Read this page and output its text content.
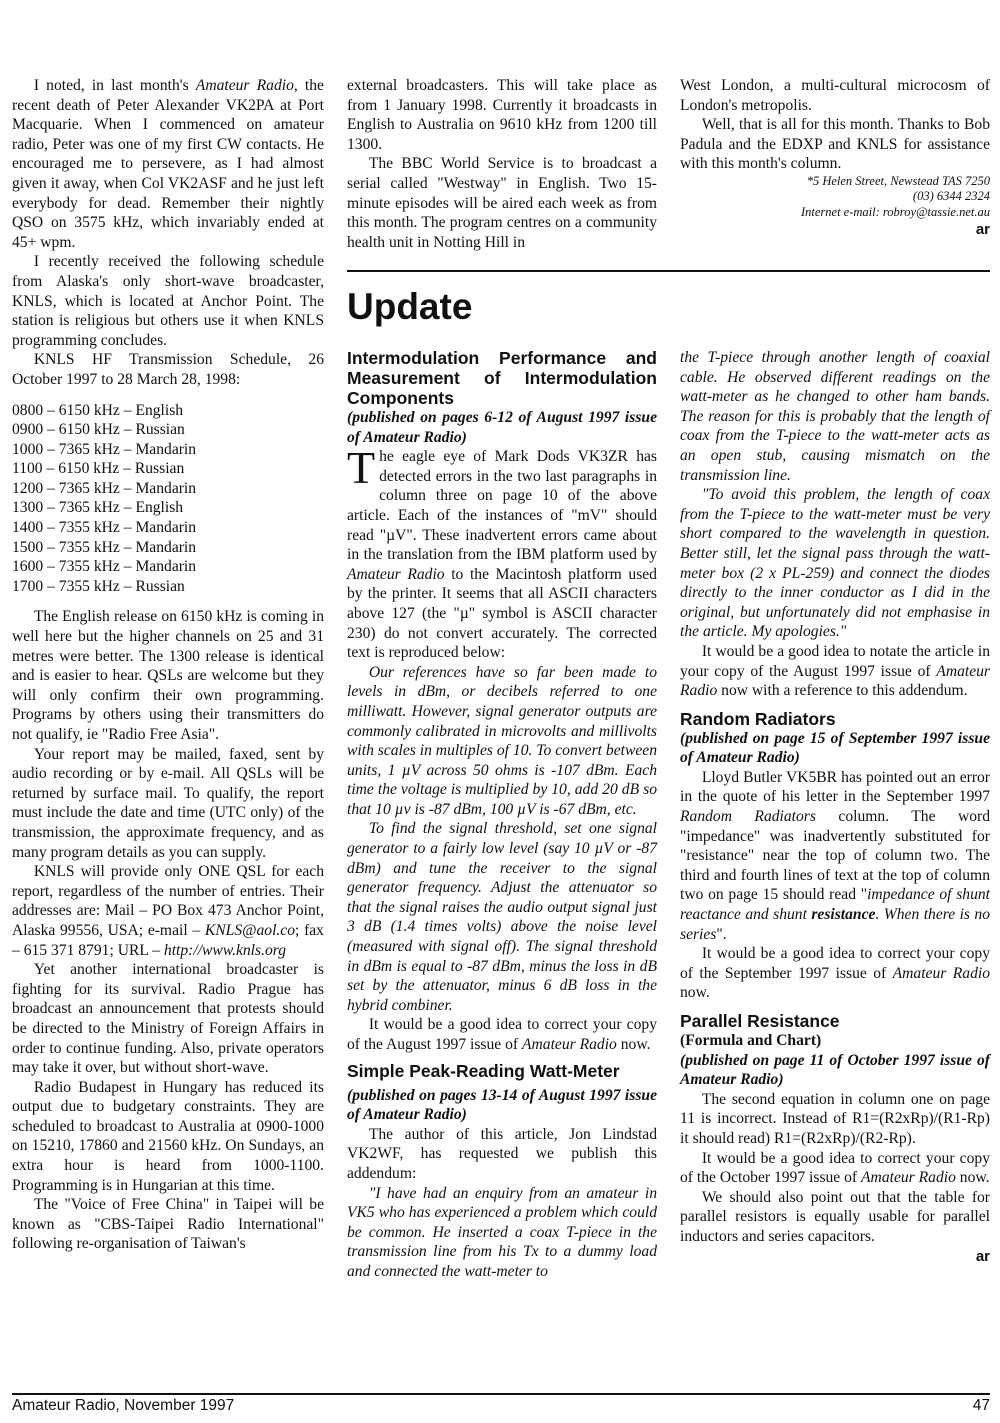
I noted, in last month's Amateur Radio, the recent death of Peter Alexander VK2PA at Port Macquarie. When I commenced on amateur radio, Peter was one of my first CW contacts. He encouraged me to persevere, as I had almost given it away, when Col VK2ASF and he just left everybody for dead. Remember their nightly QSO on 3575 kHz, which invariably ended at 45+ wpm.

I recently received the following schedule from Alaska's only short-wave broadcaster, KNLS, which is located at Anchor Point. The station is religious but others use it when KNLS programming concludes.

KNLS HF Transmission Schedule, 26 October 1997 to 28 March 28, 1998:

0800 – 6150 kHz – English
0900 – 6150 kHz – Russian
1000 – 7365 kHz – Mandarin
1100 – 6150 kHz – Russian
1200 – 7365 kHz – Mandarin
1300 – 7365 kHz – English
1400 – 7355 kHz – Mandarin
1500 – 7355 kHz – Mandarin
1600 – 7355 kHz – Mandarin
1700 – 7355 kHz – Russian

The English release on 6150 kHz is coming in well here but the higher channels on 25 and 31 metres were better. The 1300 release is identical and is easier to hear. QSLs are welcome but they will only confirm their own programming. Programs by others using their transmitters do not qualify, ie "Radio Free Asia".

Your report may be mailed, faxed, sent by audio recording or by e-mail. All QSLs will be returned by surface mail. To qualify, the report must include the date and time (UTC only) of the transmission, the approximate frequency, and as many program details as you can supply.

KNLS will provide only ONE QSL for each report, regardless of the number of entries. Their addresses are: Mail – PO Box 473 Anchor Point, Alaska 99556, USA; e-mail – KNLS@aol.co; fax – 615 371 8791; URL – http://www.knls.org

Yet another international broadcaster is fighting for its survival. Radio Prague has broadcast an announcement that protests should be directed to the Ministry of Foreign Affairs in order to continue funding. Also, private operators may take it over, but without short-wave.

Radio Budapest in Hungary has reduced its output due to budgetary constraints. They are scheduled to broadcast to Australia at 0900-1000 on 15210, 17860 and 21560 kHz. On Sundays, an extra hour is heard from 1000-1100. Programming is in Hungarian at this time.

The "Voice of Free China" in Taipei will be known as "CBS-Taipei Radio International" following re-organisation of Taiwan's

external broadcasters. This will take place as from 1 January 1998. Currently it broadcasts in English to Australia on 9610 kHz from 1200 till 1300.

The BBC World Service is to broadcast a serial called "Westway" in English. Two 15-minute episodes will be aired each week as from this month. The program centres on a community health unit in Notting Hill in

West London, a multi-cultural microcosm of London's metropolis.

Well, that is all for this month. Thanks to Bob Padula and the EDXP and KNLS for assistance with this month's column.

*5 Helen Street, Newstead TAS 7250
(03) 6344 2324
Internet e-mail: robroy@tassie.net.au
ar
Update
Intermodulation Performance and Measurement of Intermodulation Components

(published on pages 6-12 of August 1997 issue of Amateur Radio)

The eagle eye of Mark Dods VK3ZR has detected errors in the two last paragraphs in column three on page 10 of the above article. Each of the instances of "mV" should read "µV". These inadvertent errors came about in the translation from the IBM platform used by Amateur Radio to the Macintosh platform used by the printer. It seems that all ASCII characters above 127 (the "µ" symbol is ASCII character 230) do not convert accurately. The corrected text is reproduced below:

Our references have so far been made to levels in dBm, or decibels referred to one milliwatt. However, signal generator outputs are commonly calibrated in microvolts and millivolts with scales in multiples of 10. To convert between units, 1 µV across 50 ohms is -107 dBm. Each time the voltage is multiplied by 10, add 20 dB so that 10 µv is -87 dBm, 100 µV is -67 dBm, etc.

To find the signal threshold, set one signal generator to a fairly low level (say 10 µV or -87 dBm) and tune the receiver to the signal generator frequency. Adjust the attenuator so that the signal raises the audio output signal just 3 dB (1.4 times volts) above the noise level (measured with signal off). The signal threshold in dBm is equal to -87 dBm, minus the loss in dB set by the attenuator, minus 6 dB loss in the hybrid combiner.

It would be a good idea to correct your copy of the August 1997 issue of Amateur Radio now.

Simple Peak-Reading Watt-Meter

(published on pages 13-14 of August 1997 issue of Amateur Radio)

The author of this article, Jon Lindstad VK2WF, has requested we publish this addendum:

"I have had an enquiry from an amateur in VK5 who has experienced a problem which could be common. He inserted a coax T-piece in the transmission line from his Tx to a dummy load and connected the watt-meter to

the T-piece through another length of coaxial cable. He observed different readings on the watt-meter as he changed to other ham bands. The reason for this is probably that the length of coax from the T-piece to the watt-meter acts as an open stub, causing mismatch on the transmission line.

"To avoid this problem, the length of coax from the T-piece to the watt-meter must be very short compared to the wavelength in question. Better still, let the signal pass through the watt-meter box (2 x PL-259) and connect the diodes directly to the inner conductor as I did in the original, but unfortunately did not emphasise in the article. My apologies."

It would be a good idea to notate the article in your copy of the August 1997 issue of Amateur Radio now with a reference to this addendum.

Random Radiators

(published on page 15 of September 1997 issue of Amateur Radio)

Lloyd Butler VK5BR has pointed out an error in the quote of his letter in the September 1997 Random Radiators column. The word "impedance" was inadvertently substituted for "resistance" near the top of column two. The third and fourth lines of text at the top of column two on page 15 should read "impedance of shunt reactance and shunt resistance. When there is no series".

It would be a good idea to correct your copy of the September 1997 issue of Amateur Radio now.

Parallel Resistance

(Formula and Chart)

(published on page 11 of October 1997 issue of Amateur Radio)

The second equation in column one on page 11 is incorrect. Instead of R1=(R2xRp)/(R1-Rp) it should read) R1=(R2xRp)/(R2-Rp).

It would be a good idea to correct your copy of the October 1997 issue of Amateur Radio now.

We should also point out that the table for parallel resistors is equally usable for parallel inductors and series capacitors.

ar
Amateur Radio, November 1997	47
